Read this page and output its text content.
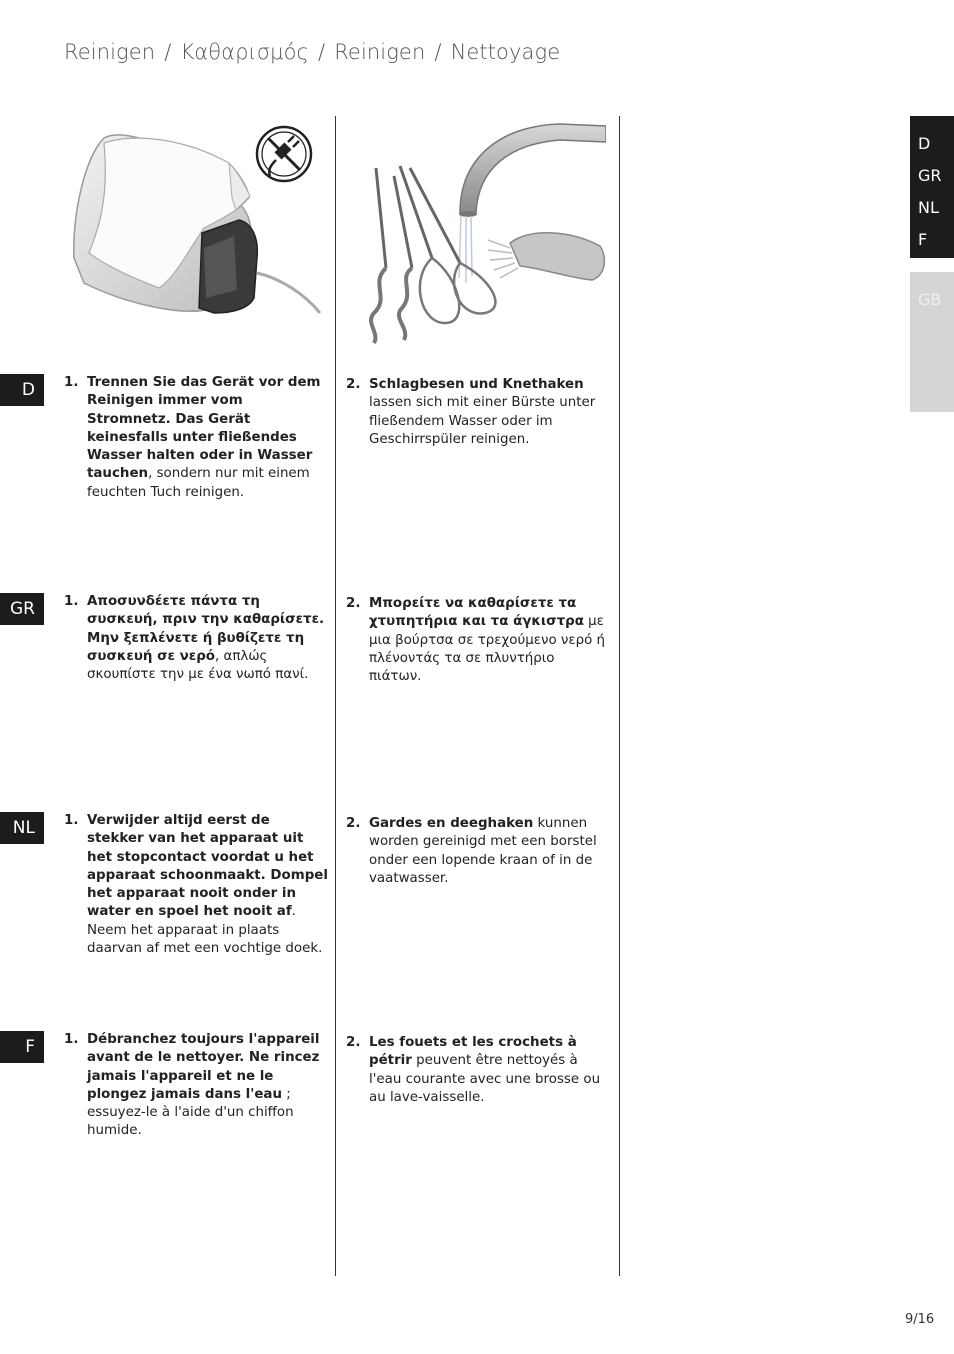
Reinigen / Καθαρισμός / Reinigen / Nettoyage
D
GR
NL
F
GB
D	1. Trennen Sie das Gerät vor dem Reinigen immer vom Stromnetz. Das Gerät keinesfalls unter fließendes Wasser halten oder in Wasser tauchen, sondern nur mit einem feuchten Tuch reinigen.
2. Schlagbesen und Knethaken lassen sich mit einer Bürste unter fließendem Wasser oder im Geschirrspüler reinigen.
GR	1. Αποσυνδέετε πάντα τη συσκευή, πριν την καθαρίσετε. Μην ξεπλένετε ή βυθίζετε τη συσκευή σε νερό, απλώς σκουπίστε την με ένα νωπό πανί.
2. Μπορείτε να καθαρίσετε τα χτυπητήρια και τα άγκιστρα με μια βούρτσα σε τρεχούμενο νερό ή πλένοντάς τα σε πλυντήριο πιάτων.
NL	1. Verwijder altijd eerst de stekker van het apparaat uit het stopcontact voordat u het apparaat schoonmaakt. Dompel het apparaat nooit onder in water en spoel het nooit af. Neem het apparaat in plaats daarvan af met een vochtige doek.
2. Gardes en deeghaken kunnen worden gereinigd met een borstel onder een lopende kraan of in de vaatwasser.
F	1. Débranchez toujours l'appareil avant de le nettoyer. Ne rincez jamais l'appareil et ne le plongez jamais dans l'eau ; essuyez-le à l'aide d'un chiffon humide.
2. Les fouets et les crochets à pétrir peuvent être nettoyés à l'eau courante avec une brosse ou au lave-vaisselle.
9/16
